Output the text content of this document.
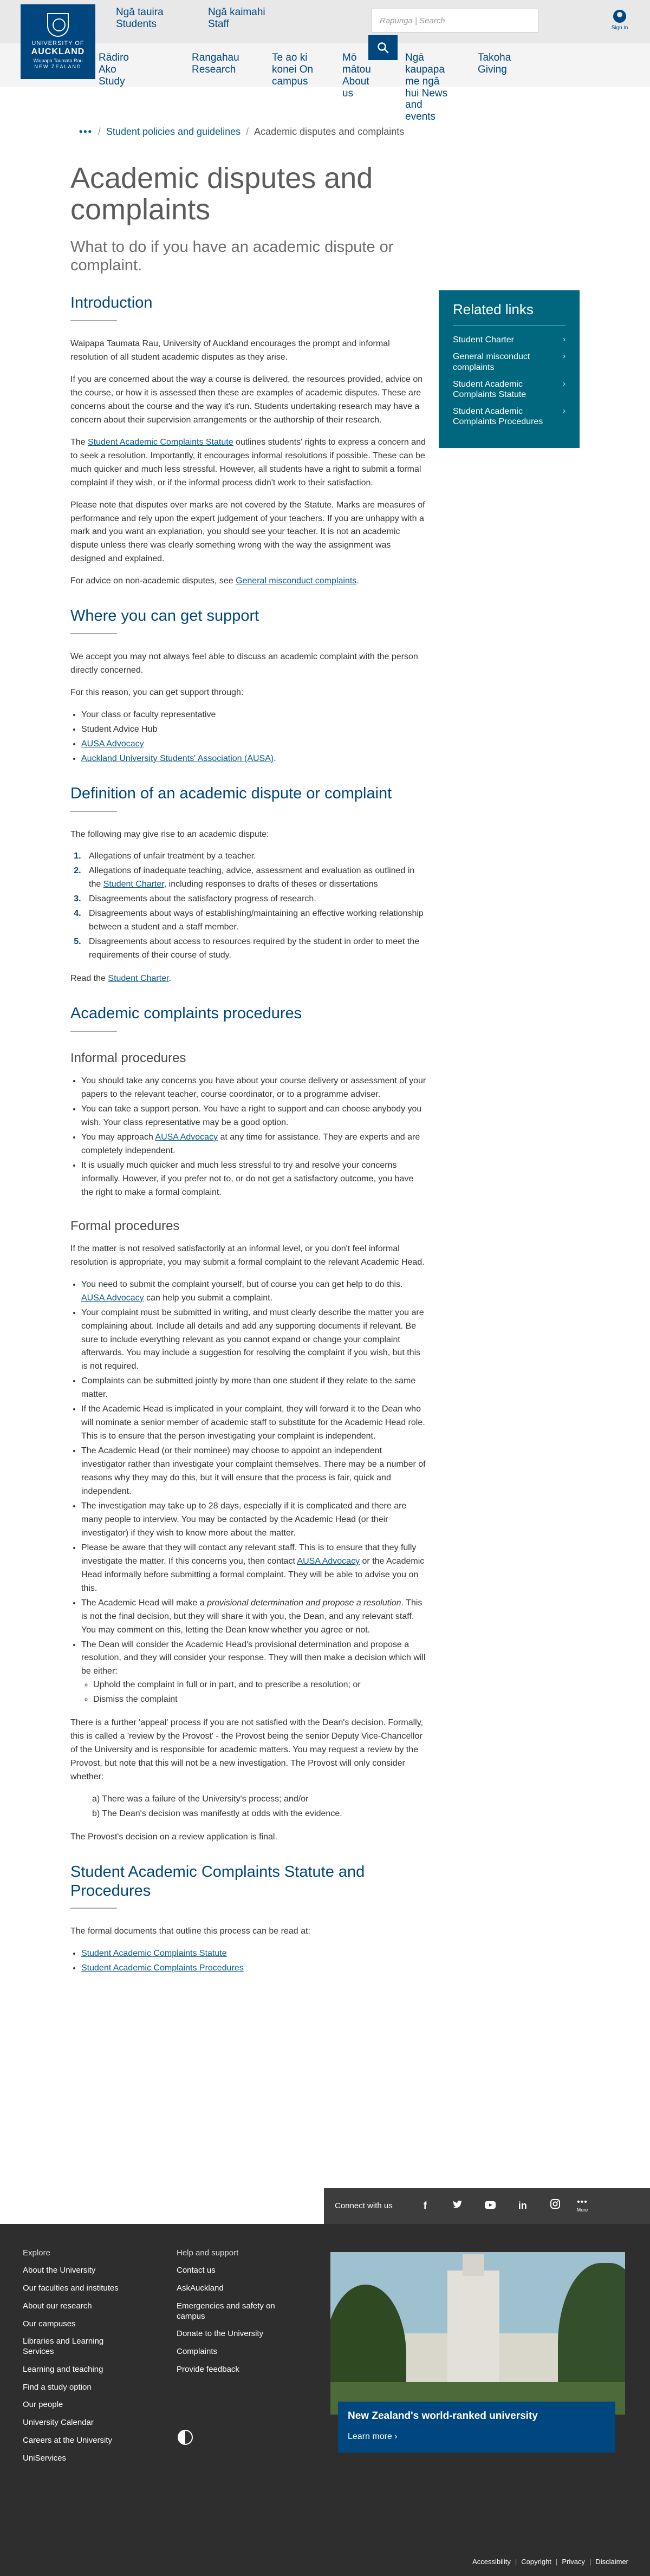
UNIVERSITY OF
AUCKLAND
Waipapa Taumata Rau
NEW ZEALAND
Ngā tauira Students
Ngā kaimahi Staff	Rapunga | Search
Sign in
Rādiro Ako Study
Rangahau Research
Te ao ki konei On campus
Mō mātou About us
Ngā kaupapa me ngā hui News and events
Takoha Giving
••• / Student policies and guidelines / Academic disputes and complaints
Academic disputes and complaints
What to do if you have an academic dispute or complaint.
Introduction

Waipapa Taumata Rau, University of Auckland encourages the prompt and informal resolution of all student academic disputes as they arise.

If you are concerned about the way a course is delivered, the resources provided, advice on the course, or how it is assessed then these are examples of academic disputes. These are concerns about the course and the way it's run. Students undertaking research may have a concern about their supervision arrangements or the authorship of their research.

The Student Academic Complaints Statute outlines students' rights to express a concern and to seek a resolution. Importantly, it encourages informal resolutions if possible. These can be much quicker and much less stressful. However, all students have a right to submit a formal complaint if they wish, or if the informal process didn't work to their satisfaction.

Please note that disputes over marks are not covered by the Statute. Marks are measures of performance and rely upon the expert judgement of your teachers. If you are unhappy with a mark and you want an explanation, you should see your teacher. It is not an academic dispute unless there was clearly something wrong with the way the assignment was designed and explained.

For advice on non-academic disputes, see General misconduct complaints.

Where you can get support

We accept you may not always feel able to discuss an academic complaint with the person directly concerned.

For this reason, you can get support through:

• Your class or faculty representative
• Student Advice Hub
• AUSA Advocacy
• Auckland University Students' Association (AUSA).
Definition of an academic dispute or complaint

The following may give rise to an academic dispute:

1. Allegations of unfair treatment by a teacher.
2. Allegations of inadequate teaching, advice, assessment and evaluation as outlined in the Student Charter, including responses to drafts of theses or dissertations
3. Disagreements about the satisfactory progress of research.
4. Disagreements about ways of establishing/maintaining an effective working relationship between a student and a staff member.
5. Disagreements about access to resources required by the student in order to meet the requirements of their course of study.

Read the Student Charter.

Academic complaints procedures
Informal procedures
• You should take any concerns you have about your course delivery or assessment of your papers to the relevant teacher, course coordinator, or to a programme adviser.
• You can take a support person. You have a right to support and can choose anybody you wish. Your class representative may be a good option.
• You may approach AUSA Advocacy at any time for assistance. They are experts and are completely independent.
• It is usually much quicker and much less stressful to try and resolve your concerns informally. However, if you prefer not to, or do not get a satisfactory outcome, you have the right to make a formal complaint.
Formal procedures

If the matter is not resolved satisfactorily at an informal level, or you don't feel informal resolution is appropriate, you may submit a formal complaint to the relevant Academic Head.

• You need to submit the complaint yourself, but of course you can get help to do this. AUSA Advocacy can help you submit a complaint.
• Your complaint must be submitted in writing, and must clearly describe the matter you are complaining about. Include all details and add any supporting documents if relevant. Be sure to include everything relevant as you cannot expand or change your complaint afterwards. You may include a suggestion for resolving the complaint if you wish, but this is not required.
• Complaints can be submitted jointly by more than one student if they relate to the same matter.
• If the Academic Head is implicated in your complaint, they will forward it to the Dean who will nominate a senior member of academic staff to substitute for the Academic Head role. This is to ensure that the person investigating your complaint is independent.
• The Academic Head (or their nominee) may choose to appoint an independent investigator rather than investigate your complaint themselves. There may be a number of reasons why they may do this, but it will ensure that the process is fair, quick and independent.
• The investigation may take up to 28 days, especially if it is complicated and there are many people to interview. You may be contacted by the Academic Head (or their investigator) if they wish to know more about the matter.
• Please be aware that they will contact any relevant staff. This is to ensure that they fully investigate the matter. If this concerns you, then contact AUSA Advocacy or the Academic Head informally before submitting a formal complaint. They will be able to advise you on this.
• The Academic Head will make a provisional determination and propose a resolution. This is not the final decision, but they will share it with you, the Dean, and any relevant staff. You may comment on this, letting the Dean know whether you agree or not.
• The Dean will consider the Academic Head's provisional determination and propose a resolution, and they will consider your response. They will then make a decision which will be either:
◦ Uphold the complaint in full or in part, and to prescribe a resolution; or
◦ Dismiss the complaint

There is a further 'appeal' process if you are not satisfied with the Dean's decision. Formally, this is called a 'review by the Provost' - the Provost being the senior Deputy Vice-Chancellor of the University and is responsible for academic matters. You may request a review by the Provost, but note that this will not be a new investigation. The Provost will only consider whether:

a) There was a failure of the University's process; and/or
b) The Dean's decision was manifestly at odds with the evidence.

The Provost's decision on a review application is final.

Student Academic Complaints Statute and Procedures

The formal documents that outline this process can be read at:

• Student Academic Complaints Statute
• Student Academic Complaints Procedures
Related links
Student Charter	›
General misconduct complaints
›
Student Academic Complaints Statute
›
Student Academic Complaints Procedures
›
Connect with us	f	in	•••
More
Explore
About the University
Our faculties and institutes
About our research
Our campuses
Libraries and Learning Services
Learning and teaching
Find a study option
Our people
University Calendar
Careers at the University
UniServices
Help and support
Contact us
AskAuckland
Emergencies and safety on campus
Donate to the University
Complaints
Provide feedback
New Zealand's world-ranked university
Learn more ›
Accessibility | Copyright | Privacy | Disclaimer
